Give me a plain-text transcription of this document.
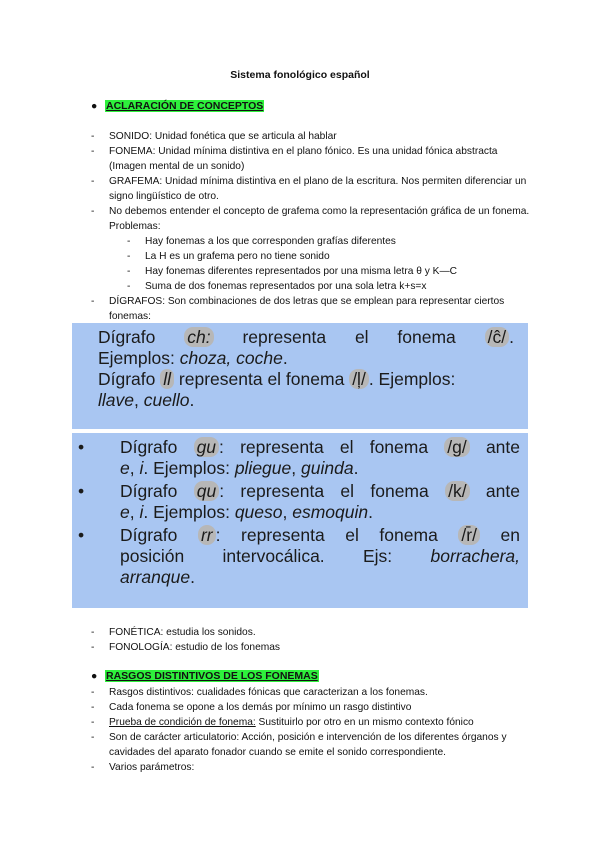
Sistema fonológico español
● ACLARACIÓN DE CONCEPTOS
- SONIDO: Unidad fonética que se articula al hablar
- FONEMA: Unidad mínima distintiva en el plano fónico. Es una unidad fónica abstracta (Imagen mental de un sonido)
- GRAFEMA: Unidad mínima distintiva en el plano de la escritura. Nos permiten diferenciar un signo lingüístico de otro.
- No debemos entender el concepto de grafema como la representación gráfica de un fonema. Problemas:
- Hay fonemas a los que corresponden grafías diferentes
- La H es un grafema pero no tiene sonido
- Hay fonemas diferentes representados por una misma letra θ y K—C
- Suma de dos fonemas representados por una sola letra k+s=x
- DÍGRAFOS: Son combinaciones de dos letras que se emplean para representar ciertos fonemas:
Dígrafo ch: representa el fonema /ĉ/ .
Ejemplos: choza, coche.
Dígrafo ll representa el fonema /ļ/ . Ejemplos:
llave, cuello.
• Dígrafo gu : representa el fonema /g/ ante
e, i. Ejemplos: pliegue, guinda.
• Dígrafo qu : representa el fonema /k/ ante
e, i. Ejemplos: queso, esmoquin.
• Dígrafo rr : representa el fonema /r̄/ en
posición intervocálica. Ejs: borrachera,
arranque.
- FONÉTICA: estudia los sonidos.
- FONOLOGÍA: estudio de los fonemas
● RASGOS DISTINTIVOS DE LOS FONEMAS
- Rasgos distintivos: cualidades fónicas que caracterizan a los fonemas.
- Cada fonema se opone a los demás por mínimo un rasgo distintivo
- Prueba de condición de fonema: Sustituirlo por otro en un mismo contexto fónico
- Son de carácter articulatorio: Acción, posición e intervención de los diferentes órganos y cavidades del aparato fonador cuando se emite el sonido correspondiente.
- Varios parámetros:
